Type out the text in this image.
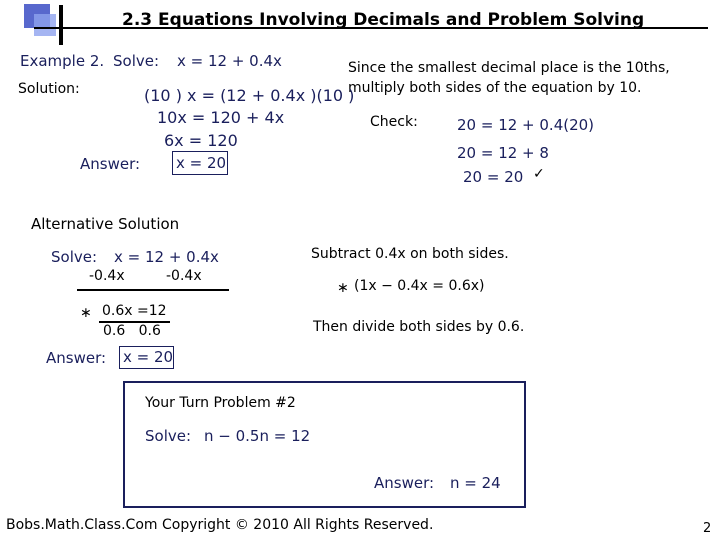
2.3 Equations Involving Decimals and Problem Solving
Example 2. Solve: x = 12 + 0.4x	Since the smallest decimal place is the 10ths,
multiply both sides of the equation by 10.
Solution:	(10 ) x = (12 + 0.4x )(10 )
10x = 120 + 4x
6x = 120
Answer: x = 20
Check:	20 = 12 + 0.4(20)
20 = 12 + 8
20 = 20 ✓
Alternative Solution
Solve: x = 12 + 0.4x
-0.4x	-0.4x
∗ 0.6x =12
0.6   0.6
Answer: x = 20
Subtract 0.4x on both sides.
∗ (1x − 0.4x = 0.6x)
Then divide both sides by 0.6.
Your Turn Problem #2
Solve: n − 0.5n = 12
Answer: n = 24
Bobs.Math.Class.Com Copyright © 2010 All Rights Reserved.	2
